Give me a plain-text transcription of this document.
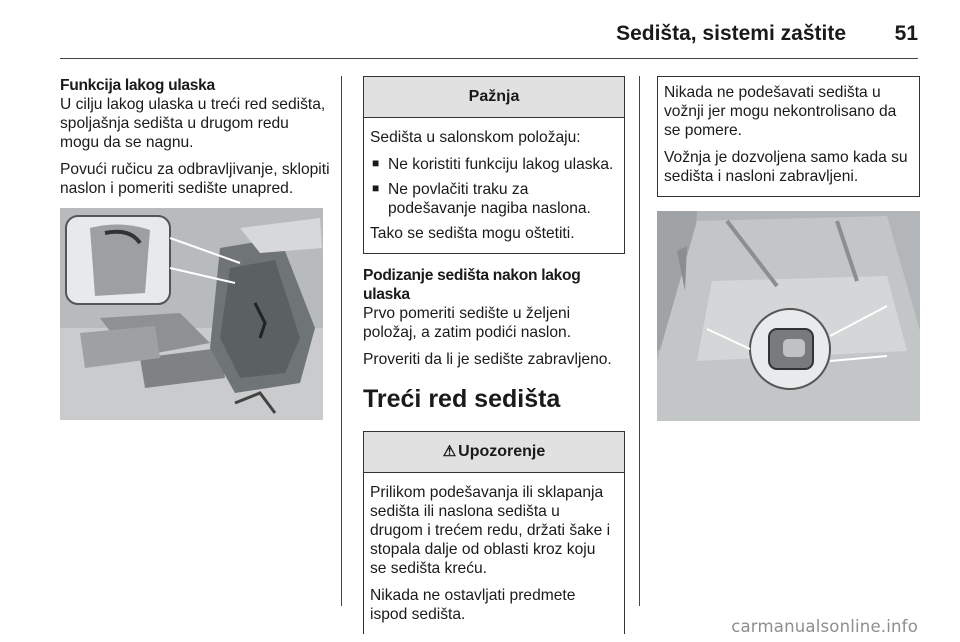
Sedišta, sistemi zaštite 51

Funkcija lakog ulaska

U cilju lakog ulaska u treći red sedišta, spoljašnja sedišta u drugom redu mogu da se nagnu.

Povući ručicu za odbravljivanje, sklopiti naslon i pomeriti sedište unapred.

Pažnja

Sedišta u salonskom položaju:

■ Ne koristiti funkciju lakog ulaska.
■ Ne povlačiti traku za podešavanje nagiba naslona.

Tako se sedišta mogu oštetiti.

Podizanje sedišta nakon lakog ulaska

Prvo pomeriti sedište u željeni položaj, a zatim podići naslon.

Proveriti da li je sedište zabravljeno.

Treći red sedišta
⚠ Upozorenje

Prilikom podešavanja ili sklapanja sedišta ili naslona sedišta u drugom i trećem redu, držati šake i stopala dalje od oblasti kroz koju se sedišta kreću.

Nikada ne ostavljati predmete ispod sedišta.

Nikada ne podešavati sedišta u vožnji jer mogu nekontrolisano da se pomere.

Vožnja je dozvoljena samo kada su sedišta i nasloni zabravljeni.

carmanualsonline.info
